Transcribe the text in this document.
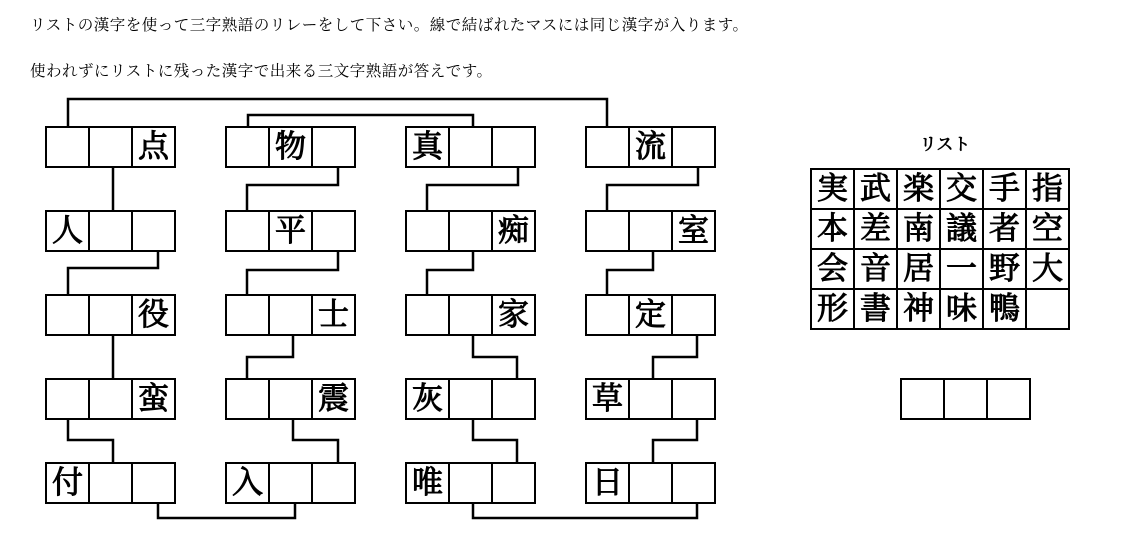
リストの漢字を使って三字熟語のリレーをして下さい。線で結ばれたマスには同じ漢字が入ります。
使われずにリストに残った漢字で出来る三文字熟語が答えです。
点	物	真	流
人	平	痴	室
役	士	家	定
蛮	震 灰	草
付	入	唯	日
リスト
実 武 楽 交 手 指
本 差 南 議 者 空
会 音 居 一 野 大
形 書 神 味 鴨
